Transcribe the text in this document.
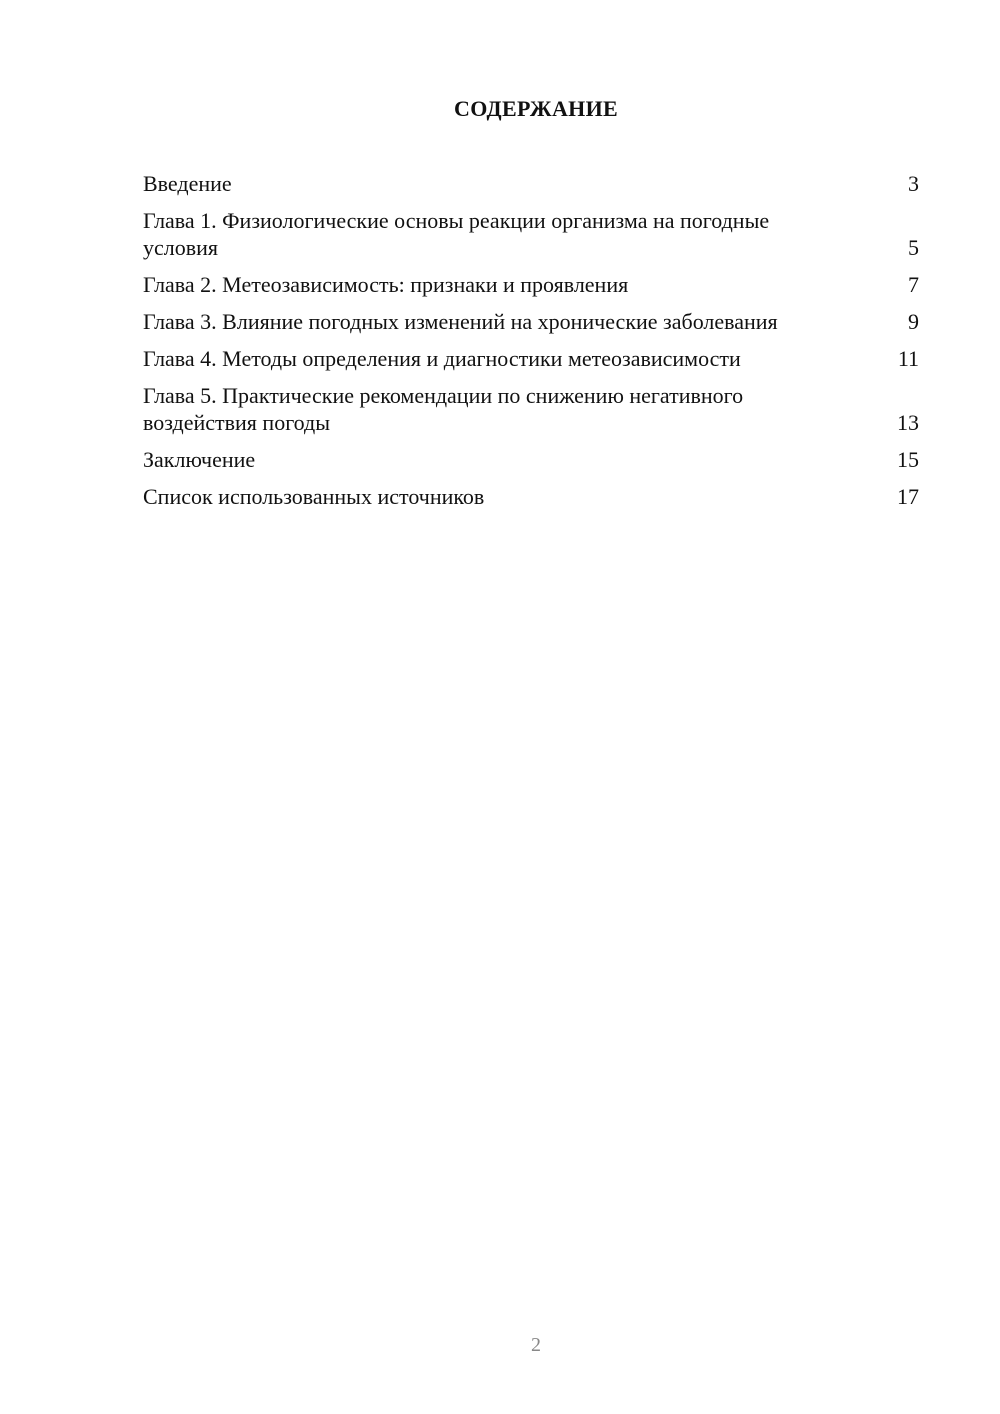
СОДЕРЖАНИЕ
Введение	3
Глава 1. Физиологические основы реакции организма на погодные условия	5
Глава 2. Метеозависимость: признаки и проявления	7
Глава 3. Влияние погодных изменений на хронические заболевания	9
Глава 4. Методы определения и диагностики метеозависимости	11
Глава 5. Практические рекомендации по снижению негативного воздействия погоды	13
Заключение	15
Список использованных источников	17
2
